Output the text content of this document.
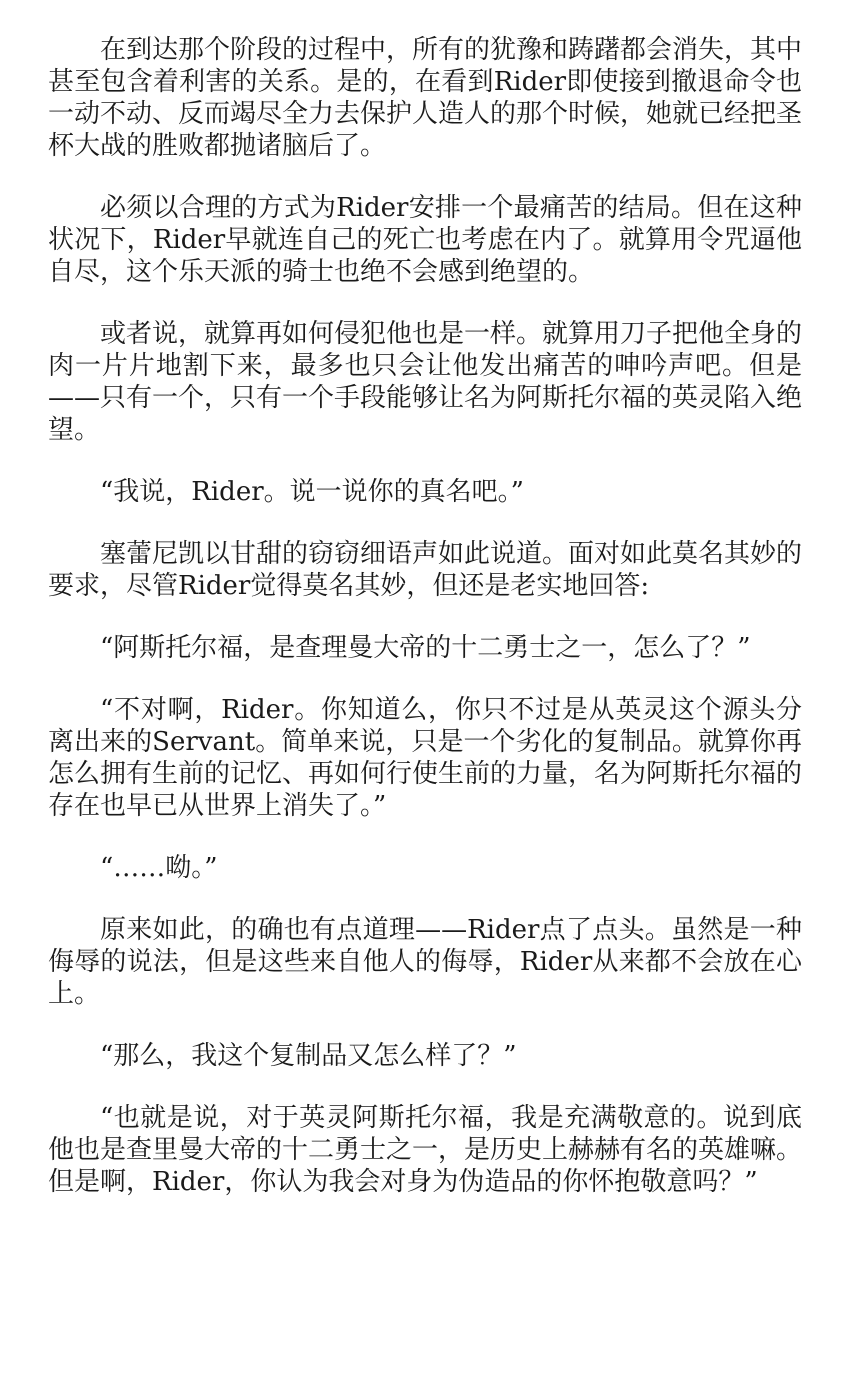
在到达那个阶段的过程中，所有的犹豫和踌躇都会消失，其中甚至包含着利害的关系。是的，在看到Rider即使接到撤退命令也一动不动、反而竭尽全力去保护人造人的那个时候，她就已经把圣杯大战的胜败都抛诸脑后了。

必须以合理的方式为Rider安排一个最痛苦的结局。但在这种状况下，Rider早就连自己的死亡也考虑在内了。就算用令咒逼他自尽，这个乐天派的骑士也绝不会感到绝望的。

或者说，就算再如何侵犯他也是一样。就算用刀子把他全身的肉一片片地割下来，最多也只会让他发出痛苦的呻吟声吧。但是——只有一个，只有一个手段能够让名为阿斯托尔福的英灵陷入绝望。

“我说，Rider。说一说你的真名吧。”

塞蕾尼凯以甘甜的窃窃细语声如此说道。面对如此莫名其妙的要求，尽管Rider觉得莫名其妙，但还是老实地回答:

“阿斯托尔福，是查理曼大帝的十二勇士之一，怎么了？”

“不对啊，Rider。你知道么，你只不过是从英灵这个源头分离出来的Servant。简单来说，只是一个劣化的复制品。就算你再怎么拥有生前的记忆、再如何行使生前的力量，名为阿斯托尔福的存在也早已从世界上消失了。”

“……呦。”

原来如此，的确也有点道理——Rider点了点头。虽然是一种侮辱的说法，但是这些来自他人的侮辱，Rider从来都不会放在心上。

“那么，我这个复制品又怎么样了？”

“也就是说，对于英灵阿斯托尔福，我是充满敬意的。说到底他也是查里曼大帝的十二勇士之一，是历史上赫赫有名的英雄嘛。但是啊，Rider，你认为我会对身为伪造品的你怀抱敬意吗？”
